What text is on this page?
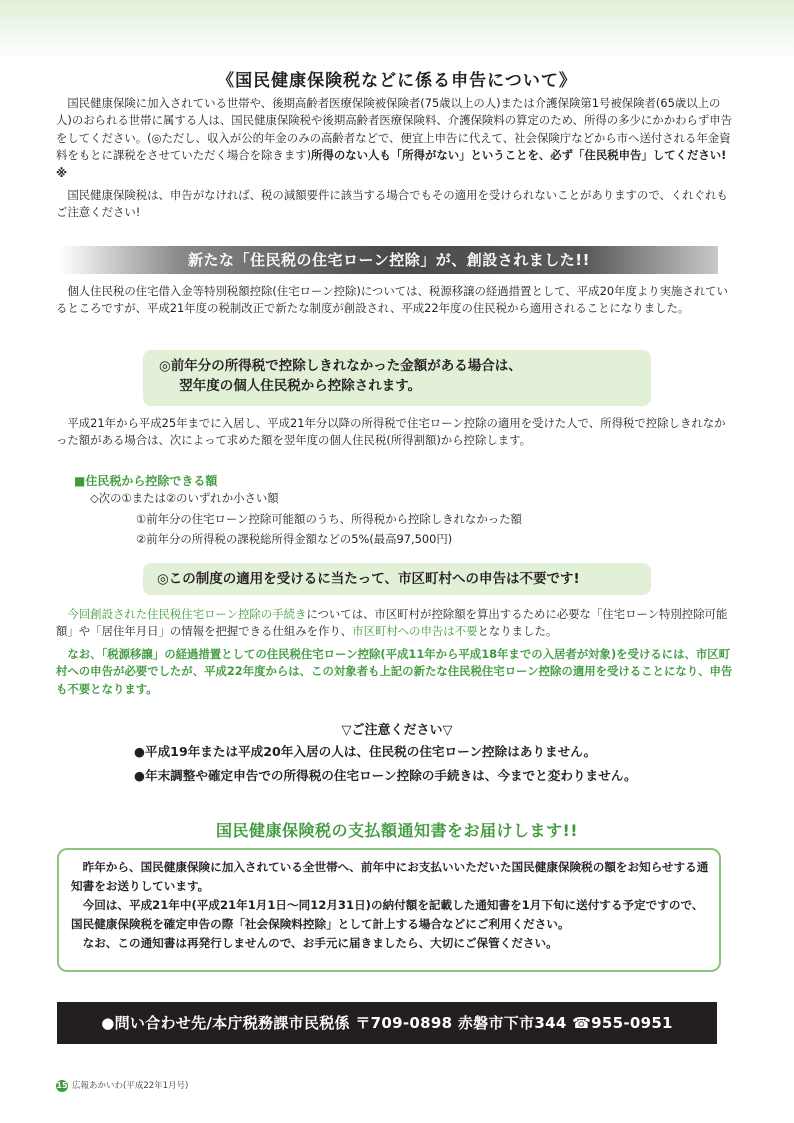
《国民健康保険税などに係る申告について》
国民健康保険に加入されている世帯や、後期高齢者医療保険被保険者(75歳以上の人)または介護保険第1号被保険者(65歳以上の人)のおられる世帯に属する人は、国民健康保険税や後期高齢者医療保険料、介護保険料の算定のため、所得の多少にかかわらず申告をしてください。(◎ただし、収入が公的年金のみの高齢者などで、便宜上申告に代えて、社会保険庁などから市へ送付される年金資料をもとに課税をさせていただく場合を除きます)所得のない人も「所得がない」ということを、必ず「住民税申告」してください!※
国民健康保険税は、申告がなければ、税の減額要件に該当する場合でもその適用を受けられないことがありますので、くれぐれもご注意ください!
新たな「住民税の住宅ローン控除」が、創設されました!!
個人住民税の住宅借入金等特別税額控除(住宅ローン控除)については、税源移譲の経過措置として、平成20年度より実施されているところですが、平成21年度の税制改正で新たな制度が創設され、平成22年度の住民税から適用されることになりました。
◎前年分の所得税で控除しきれなかった金額がある場合は、
翌年度の個人住民税から控除されます。
平成21年から平成25年までに入居し、平成21年分以降の所得税で住宅ローン控除の適用を受けた人で、所得税で控除しきれなかった額がある場合は、次によって求めた額を翌年度の個人住民税(所得割額)から控除します。
■住民税から控除できる額
◇次の①または②のいずれか小さい額
①前年分の住宅ローン控除可能額のうち、所得税から控除しきれなかった額
②前年分の所得税の課税総所得金額などの5%(最高97,500円)
◎この制度の適用を受けるに当たって、市区町村への申告は不要です!
今回創設された住民税住宅ローン控除の手続きについては、市区町村が控除額を算出するために必要な「住宅ローン特別控除可能額」や「居住年月日」の情報を把握できる仕組みを作り、市区町村への申告は不要となりました。
なお、「税源移譲」の経過措置としての住民税住宅ローン控除(平成11年から平成18年までの入居者が対象)を受けるには、市区町村への申告が必要でしたが、平成22年度からは、この対象者も上記の新たな住民税住宅ローン控除の適用を受けることになり、申告も不要となります。
▽ご注意ください▽
●平成19年または平成20年入居の人は、住民税の住宅ローン控除はありません。
●年末調整や確定申告での所得税の住宅ローン控除の手続きは、今までと変わりません。
国民健康保険税の支払額通知書をお届けします!!
昨年から、国民健康保険に加入されている全世帯へ、前年中にお支払いいただいた国民健康保険税の額をお知らせする通知書をお送りしています。
今回は、平成21年中(平成21年1月1日〜同12月31日)の納付額を記載した通知書を1月下旬に送付する予定ですので、国民健康保険税を確定申告の際「社会保険料控除」として計上する場合などにご利用ください。
なお、この通知書は再発行しませんので、お手元に届きましたら、大切にご保管ください。
●問い合わせ先/本庁税務課市民税係 〒709-0898 赤磐市下市344 ☎955-0951
15 広報あかいわ(平成22年1月号)
